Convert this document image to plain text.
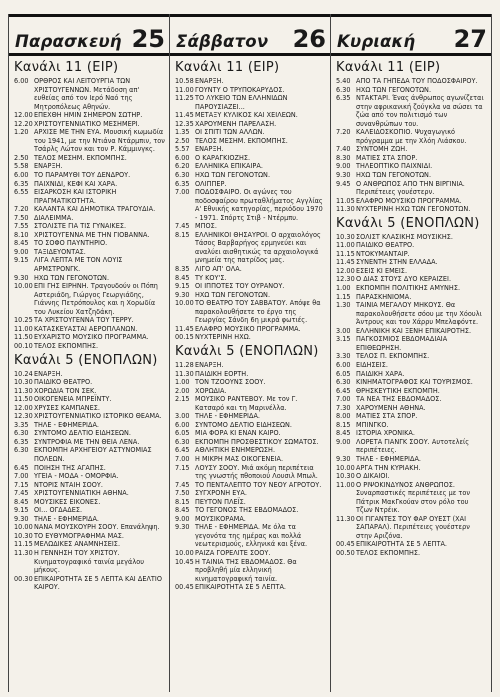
Παρασκευή 25
Κανάλι 11 (ΕΙΡ)
6.00 ΟΡΘΡΟΣ ΚΑΙ ΛΕΙΤΟΥΡΓΙΑ ΤΩΝ ΧΡΙΣΤΟΥΓΕΝΝΩΝ. Μετάδοση απ' ευθείας από τον Ιερό Ναό της Μητροπόλεως Αθηνών.
12.00ΕΠΕΧΘΗ ΗΜΙΝ ΣΗΜΕΡΟΝ ΣΩΤΗΡ.
12.20ΧΡΙΣΤΟΥΓΕΝΝΙΑΤΙΚΟ ΜΕΣΗΜΕΡΙ.
1.20 ΑΡΧΙΣΕ ΜΕ ΤΗΝ ΕΥΑ. Μουσική κωμωδία του 1941, με την Ντιάνα Ντάρμπιν, τον Τσάρλς Λώτον και τον Ρ. Κάμμινγκς.
2.50 ΤΕΛΟΣ ΜΕΣΗΜ. ΕΚΠΟΜΠΗΣ.
5.58 ΕΝΑΡΞΗ.
6.00 ΤΟ ΠΑΡΑΜΥΘΙ ΤΟΥ ΔΕΝΔΡΟΥ.
6.35 ΠΑΙΧΝΙΔΙ, ΚΕΦΙ ΚΑΙ ΧΑΡΑ.
6.55 ΕΙΣΑΡΚΟΣΗ ΚΑΙ ΙΣΤΟΡΙΚΗ ΠΡΑΓΜΑΤΙΚΟΤΗΤΑ.
7.20 ΚΑΛΑΝΤΑ ΚΑΙ ΔΗΜΟΤΙΚΑ ΤΡΑΓΟΥΔΙΑ.
7.50 ΔΙΑΛΕΙΜΜΑ.
7.55 ΣΤΟΛΙΣΤΕ ΓΙΑ ΤΙΣ ΓΥΝΑΙΚΕΣ.
8.10 ΧΡΙΣΤΟΥΓΕΝΝΑ ΜΕ ΤΗΝ ΓΙΟΒΑΝΝΑ.
8.45 ΤΟ ΣΟΦΟ ΠΑΥΝΤΗΡΙΟ.
9.00 ΤΑΞΙΔΕΥΟΝΤΑΣ.
9.15 ΛΙΓΑ ΛΕΠΤΑ ΜΕ ΤΟΝ ΛΟΥΙΣ ΑΡΜΣΤΡΟΝΓΚ.
9.30 ΗΧΩ ΤΩΝ ΓΕΓΟΝΟΤΩΝ.
10.00ΕΠΙ ΓΗΣ ΕΙΡΗΝΗ. Τραγουδούν οι Πόπη Αστεριάδη, Γιώργος Γεωργιάδης, Γιάννης Πετρόπουλος και η Χορωδία του Λυκείου Χατζηδάκη.
10.25ΤΑ ΧΡΙΣΤΟΥΓΕΝΝΑ ΤΟΥ ΤΕΡΡΥ.
11.00ΚΑΤΑΣΚΕΥΑΣΤΑΙ ΑΕΡΟΠΛΑΝΩΝ.
11.50ΕΥΧΑΡΙΣΤΟ ΜΟΥΣΙΚΟ ΠΡΟΓΡΑΜΜΑ.
00.10ΤΕΛΟΣ ΕΚΠΟΜΠΗΣ.
Κανάλι 5 (ΕΝΟΠΛΩΝ)
10.24ΕΝΑΡΞΗ.
10.30ΠΑΙΔΙΚΟ ΘΕΑΤΡΟ.
11.30ΧΟΡΩΔΙΑ ΤΟΝ ΣΕΚ.
11.50ΟΙΚΟΓΕΝΕΙΑ ΜΠΡΕΪΝΤΥ.
12.00ΧΡΥΣΕΣ ΚΑΜΠΑΝΕΣ.
12.30ΧΡΙΣΤΟΥΓΕΝΝΙΑΤΙΚΟ ΙΣΤΟΡΙΚΟ ΘΕΑΜΑ.
3.35 ΤΗΛΕ - ΕΦΗΜΕΡΙΔΑ.
6.30 ΣΥΝΤΟΜΟ ΔΕΛΤΙΟ ΕΙΔΗΣΕΩΝ.
6.35 ΣΥΝΤΡΟΦΙΑ ΜΕ ΤΗΝ ΘΕΙΑ ΛΕΝΑ.
6.30 ΕΚΠΟΜΠΗ ΑΡΧΗΓΕΙΟΥ ΑΣΤΥΝΟΜΙΑΣ ΠΟΛΕΩΝ.
6.45 ΠΟΙΗΣΗ ΤΗΣ ΑΓΑΠΗΣ.
7.00 ΥΓΕΙΑ - ΜΟΔΑ - ΟΜΟΡΦΙΑ.
7.15 ΝΤΟΡΙΣ ΝΤΑΙΗ ΣΟΟΥ.
7.45 ΧΡΙΣΤΟΥΓΕΝΝΙΑΤΙΚΗ ΑΘΗΝΑ.
8.45 ΜΟΥΣΙΚΕΣ ΕΙΚΟΝΕΣ.
9.15 ΟΙ... ΟΓΔΑΔΕΣ.
9.30 ΤΗΛΕ - ΕΦΗΜΕΡΙΔΑ.
10.00ΝΑΝΑ ΜΟΥΣΚΟΥΡΗ ΣΟΟΥ. Επανάληψη.
10.30ΤΟ ΕΥΘΥΜΟΓΡΑΦΗΜΑ ΜΑΣ.
11.15ΜΕΛΩΔΙΚΕΣ ΑΝΑΜΝΗΣΕΙΣ.
11.30Η ΓΕΝΝΗΣΗ ΤΟΥ ΧΡΙΣΤΟΥ. Κινηματογραφικό ταινία μεγάλου μήκους.
00.30ΕΠΙΚΑΙΡΟΤΗΤΑ ΣΕ 5 ΛΕΠΤΑ ΚΑΙ ΔΕΛΤΙΟ ΚΑΙΡΟΥ.
Σάββατον 26
Κανάλι 11 (ΕΙΡ)
10.58ΕΝΑΡΞΗ.
11.00ΓΟΥΝΤΥ Ο ΤΡΥΠΟΚΑΡΥΔΟΣ.
11.25ΤΟ ΛΥΚΕΙΟ ΤΩΝ ΕΛΛΗΝΙΔΩΝ ΠΑΡΟΥΣΙΑΖΕΙ...
11.45ΜΕΤΑΞΥ ΚΥΛΙΚΟΣ ΚΑΙ ΧΕΙΛΕΩΝ.
12.35ΧΑΡΟΥΜΕΝΗ ΠΑΡΕΛΑΣΗ.
1.35 ΟΙ ΣΠΙΤΙ ΤΩΝ ΑΛΛΩΝ.
2.50 ΤΕΛΟΣ ΜΕΣΗΜ. ΕΚΠΟΜΠΗΣ.
5.57 ΕΝΑΡΞΗ.
6.00 Ο ΚΑΡΑΓΚΙΟΖΗΣ.
6.20 ΕΛΛΗΝΙΚΑ ΕΠΙΚΑΙΡΑ.
6.30 ΗΧΩ ΤΩΝ ΓΕΓΟΝΟΤΩΝ.
6.35 ΟΛΙΠΠΕΡ.
7.00 ΠΟΔΟΣΦΑΙΡΟ. Οι αγώνες του ποδοσφαίρου πρωταθλήματος Αγγλίας Α' Εθνικής κατηγορίας, περιόδου 1970 - 1971. Σπόρτς Στιβ - Ντέρμπυ.
7.45 ΜΠΟΣ.
8.15 ΕΛΛΗΝΙΚΟΙ ΘΗΣΑΥΡΟΙ. Ο αρχαιολόγος Τάσος Βαρβαρήγος ερμηνεύει και αναλύει αισθητικώς τα αρχαιολογικά μνημεία της πατρίδος μας.
8.35 ΛΙΓΟ ΑΠ' ΟΛΑ.
8.45 ΤΥ ΚΟΥ'Σ.
9.15 ΟΙ ΙΠΠΟΤΕΣ ΤΟΥ ΟΥΡΑΝΟΥ.
9.30 ΗΧΩ ΤΩΝ ΓΕΓΟΝΟΤΩΝ.
10.00ΤΟ ΘΕΑΤΡΟ ΤΟΥ ΣΑΒΒΑΤΟΥ. Απόψε θα παρακολουθήσετε το έργο της Γεωργίας Σάνδη 6η μικρά φωτιές.
11.45ΕΛΑΦΡΟ ΜΟΥΣΙΚΟ ΠΡΟΓΡΑΜΜΑ.
00.15ΝΥΧΤΕΡΙΝΗ ΗΧΩ.
Κανάλι 5 (ΕΝΟΠΛΩΝ)
11.28ΕΝΑΡΞΗ.
11.30ΠΑΙΔΙΚΗ ΕΟΡΤΗ.
1.00 ΤΟΝ ΤΖΟΟΥΝΣ ΣΟΟΥ.
2.00 ΧΟΡΩΔΙΑ.
2.15 ΜΟΥΣΙΚΟ ΡΑΝΤΕΒΟΥ. Με τον Γ. Κατσαρό και τη Μαρινέλλα.
3.00 ΤΗΛΕ - ΕΦΗΜΕΡΙΔΑ.
6.00 ΣΥΝΤΟΜΟ ΔΕΛΤΙΟ ΕΙΔΗΣΕΩΝ.
6.05 ΜΙΑ ΦΟΡΑ ΚΙ ΕΝΑΝ ΚΑΙΡΟ.
6.30 ΕΚΠΟΜΠΗ ΠΡΟΣΘΕΣΤΙΚΟΥ ΣΩΜΑΤΟΣ.
6.45 ΑΘΛΗΤΙΚΗ ΕΝΗΜΕΡΩΣΗ.
7.00 Η ΜΙΚΡΗ ΜΑΣ ΟΙΚΟΓΕΝΕΙΑ.
7.15 ΛΟΥΣΥ ΣΟΟΥ. Μιά ακόμη περιπέτεια της γνωστής πθοποιού Λουσιλ Μπωλ.
7.45 ΤΟ ΠΕΝΤΑΛΕΠΤΟ ΤΟΥ ΝΕΟΥ ΑΓΡΟΤΟΥ.
7.50 ΣΥΓΧΡΟΝΗ ΕΥΑ.
8.15 ΠΕΥΤΟΝ ΠΛΕΪΣ.
8.45 ΤΟ ΓΕΓΟΝΟΣ ΤΗΣ ΕΒΔΟΜΑΔΟΣ.
9.00 ΜΟΥΣΙΚΟΡΑΜΑ.
9.30 ΤΗΛΕ - ΕΦΗΜΕΡΙΔΑ. Με όλα τα γεγονότα της ημέρας και πολλά νεωτερισμούς, ελληνικά και ξένα.
10.00ΡΑΙΖΑ ΓΟΡΕΛΙΤΕ ΣΟΟΥ.
10.45Η ΤΑΙΝΙΑ ΤΗΣ ΕΒΔΟΜΑΔΟΣ. Θα προβληθή μία ελληνική κινηματογραφική ταινία.
00.45ΕΠΙΚΑΙΡΟΤΗΤΑ ΣΕ 5 ΛΕΠΤΑ.
Κυριακή 27
Κανάλι 11 (ΕΙΡ)
5.40 ΑΠΟ ΤΑ ΓΗΠΕΔΑ ΤΟΥ ΠΟΔΟΣΦΑΙΡΟΥ.
6.30 ΗΧΩ ΤΩΝ ΓΕΓΟΝΟΤΩΝ.
6.35 ΝΤΑΚΤΑΡΙ. Ένας άνθρωπος αγωνίζεται στην αφρικανική ζούγκλα να σώσει τα ζώα από τον πολιτισμό των συνανθρώπων του.
7.20 ΚΑΛΕΙΔΟΣΚΟΠΙΟ. Ψυχαγωγικό πρόγραμμα με την Χλόη Λιάσκου.
7.40 ΣΥΝΤΟΜΗ ΖΩΗ.
8.30 ΜΑΤΙΕΣ ΣΤΑ ΣΠΟΡ.
9.00 ΤΗΛΕΟΠΤΙΚΟ ΠΑΙΧΝΙΔΙ.
9.30 ΗΧΩ ΤΩΝ ΓΕΓΟΝΟΤΩΝ.
9.45 Ο ΑΝΘΡΩΠΟΣ ΑΠΟ ΤΗΝ ΒΙΡΓΙΝΙΑ. Περιπέτειες γουέστερν.
11.05ΕΛΑΦΡΟ ΜΟΥΣΙΚΟ ΠΡΟΓΡΑΜΜΑ.
11.30ΝΥΧΤΕΡΙΝΗ ΗΧΩ ΤΩΝ ΓΕΓΟΝΟΤΩΝ.
Κανάλι 5 (ΕΝΟΠΛΩΝ)
10.30ΣΟΛΙΣΤ ΚΛΑΣΙΚΗΣ ΜΟΥΣΙΚΗΣ.
11.00ΠΑΙΔΙΚΟ ΘΕΑΤΡΟ.
11.15ΝΤΟΚΥΜΑΝΤΑΙΡ.
11.45ΣΥΝΕΝΤΗ ΣΤΗΝ ΕΛΛΑΔΑ.
12.00ΕΣΕΙΣ ΚΙ ΕΜΕΙΣ.
12.30Ο ΔΙΑΣ ΣΤΟΥΣ ΔΥΟ ΚΕΡΑΙΖΕΙ.
1.00 ΕΚΠΟΜΠΗ ΠΟΛΙΤΙΚΗΣ ΑΜΥΝΗΣ.
1.15 ΠΑΡΑΣΚΗΝΙΟΜΑ.
1.30 ΤΑΙΝΙΑ ΜΕΓΑΛΟΥ ΜΗΚΟΥΣ. Θα παρακολουθήσετε σόου με την Χόουλι Άντρους και τον Χάρρυ Μπελαφόντε.
3.00 ΕΛΛΗΝΙΚΗ ΚΑΙ ΞΕΝΗ ΕΠΙΚΑΙΡΟΤΗΣ.
3.15 ΠΑΓΚΟΣΜΙΟΣ ΕΒΔΟΜΑΔΙΑΙΑ ΕΠΙΘΕΩΡΗΣΗ.
3.30 ΤΕΛΟΣ Π. ΕΚΠΟΜΠΗΣ.
6.00 ΕΙΔΗΣΕΙΣ.
6.05 ΠΑΙΔΙΚΗ ΧΑΡΑ.
6.30 ΚΙΝΗΜΑΤΟΓΡΑΦΟΣ ΚΑΙ ΤΟΥΡΙΣΜΟΣ.
6.45 ΘΡΗΣΚΕΥΤΙΚΗ ΕΚΠΟΜΠΗ.
7.00 ΤΑ ΝΕΑ ΤΗΣ ΕΒΔΟΜΑΔΟΣ.
7.30 ΧΑΡΟΥΜΕΝΗ ΑΘΗΝΑ.
8.00 ΜΑΤΙΕΣ ΣΤΑ ΣΠΟΡ.
8.15 ΜΠΙΝΓΚΟ.
8.45 ΙΣΤΟΡΙΑ ΧΡΟΝΙΚΑ.
9.00 ΛΟΡΕΤΑ ΓΙΑΝΓΚ ΣΟΟΥ. Αυτοτελείς περιπέτειες.
9.30 ΤΗΛΕ - ΕΦΗΜΕΡΙΔΑ.
10.00ΑΡΓΑ ΤΗΝ ΚΥΡΙΑΚΗ.
10.30Ο ΔΙΚΑΙΟΙ.
11.00Ο ΡΙΨΟΚΙΝΔΥΝΟΣ ΑΝΘΡΩΠΟΣ. Συναρπαστικές περιπέτειες με τον Πάτρικ ΜακΓκούαν στον ρόλο του Τζων Ντρέικ.
11.30ΟΙ ΓΙΓΑΝΤΕΣ ΤΟΥ ΦΑΡ ΟΥΕΣΤ (ΧΑΙ ΣΑΠΑΡΑΛ). Περιπέτειες γουέστερν στην Αριζόνα.
00.45ΕΠΙΚΑΙΡΟΤΗΤΑ ΣΕ 5 ΛΕΠΤΑ.
00.50ΤΕΛΟΣ ΕΚΠΟΜΠΗΣ.
